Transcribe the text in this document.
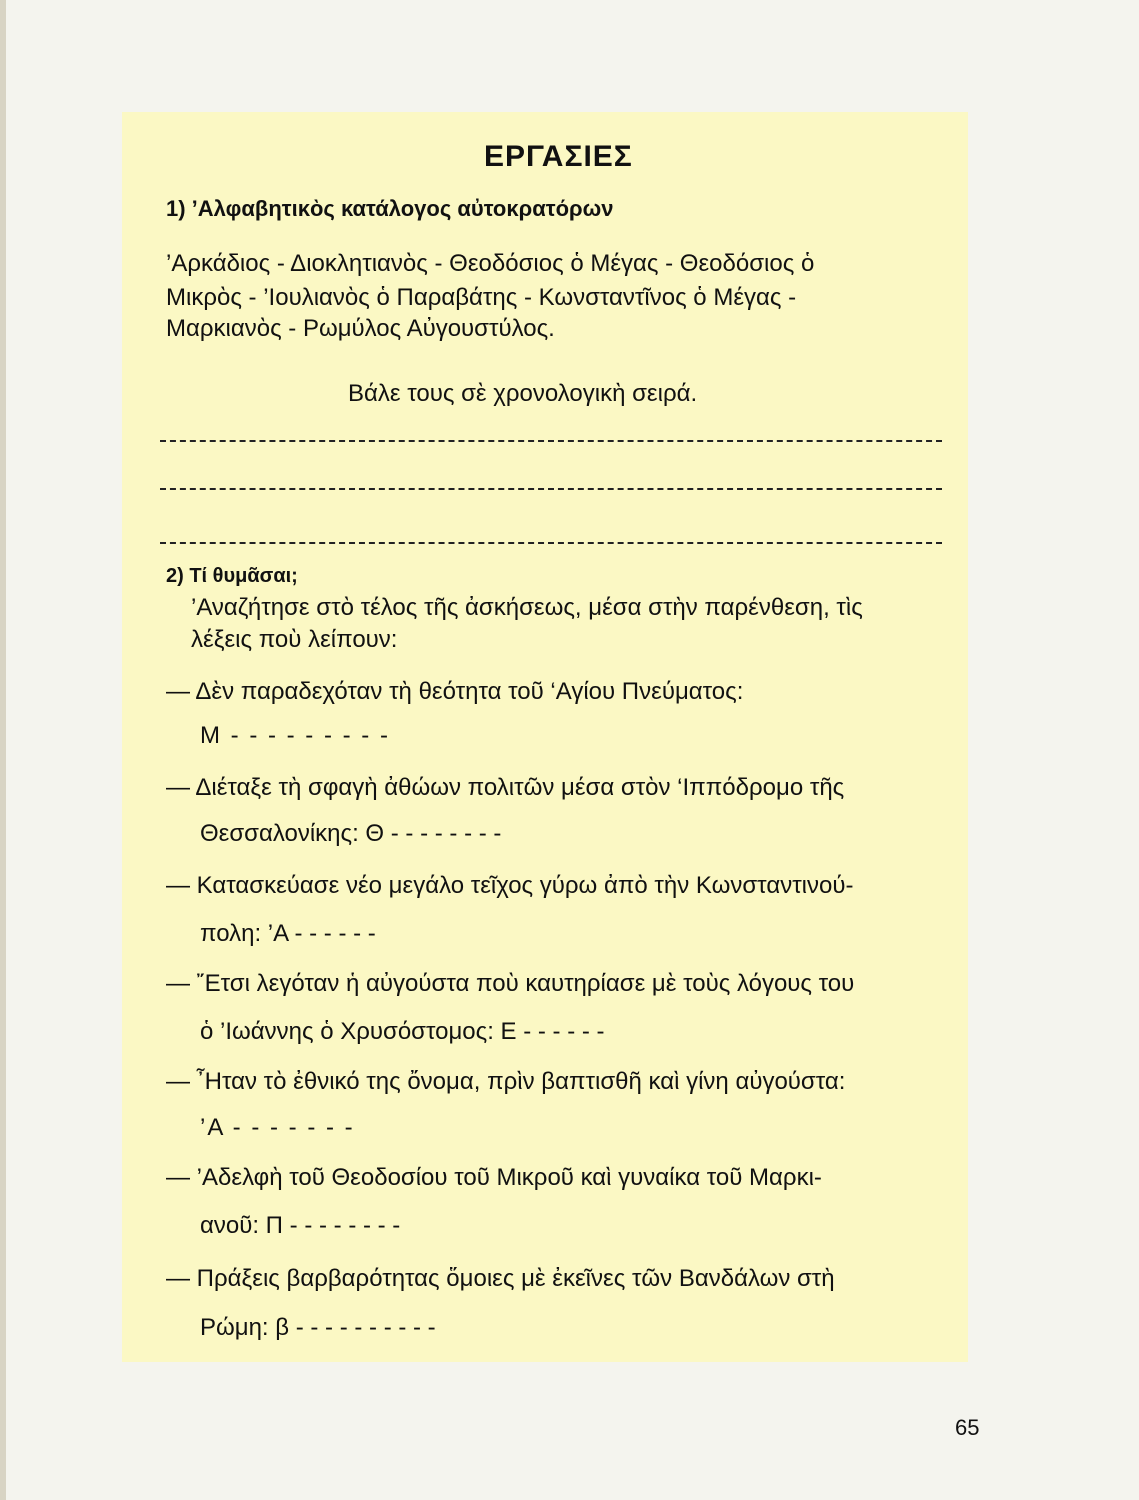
ΕΡΓΑΣΙΕΣ
1) ’Αλφαβητικὸς κατάλογος αὐτοκρατόρων
’Αρκάδιος - Διοκλητιανὸς - Θεοδόσιος ὁ Μέγας - Θεοδόσιος ὁ
Μικρὸς - ’Ιουλιανὸς ὁ Παραβάτης - Κωνσταντῖνος ὁ Μέγας -
Μαρκιανὸς - Ρωμύλος Αὐγουστύλος.
Βάλε τους σὲ χρονολογικὴ σειρά.
2) Τί θυμᾶσαι;
’Αναζήτησε στὸ τέλος τῆς ἀσκήσεως, μέσα στὴν παρένθεση, τὶς
λέξεις ποὺ λείπουν:
— Δὲν παραδεχόταν τὴ θεότητα τοῦ ‘Αγίου Πνεύματος:
Μ - - - - - - - - -
— Διέταξε τὴ σφαγὴ ἀθώων πολιτῶν μέσα στὸν ‘Ιππόδρομο τῆς
Θεσσαλονίκης: Θ - - - - - - - -
— Κατασκεύασε νέο μεγάλο τεῖχος γύρω ἀπὸ τὴν Κωνσταντινού-
πολη: ’Α - - - - - -
— ῎Ετσι λεγόταν ἡ αὐγούστα ποὺ καυτηρίασε μὲ τοὺς λόγους του
ὁ ’Ιωάννης ὁ Χρυσόστομος: Ε - - - - - -
— ῏Ηταν τὸ ἐθνικό της ὄνομα, πρὶν βαπτισθῆ καὶ γίνη αὐγούστα:
’Α - - - - - - -
— ’Αδελφὴ τοῦ Θεοδοσίου τοῦ Μικροῦ καὶ γυναίκα τοῦ Μαρκι-
ανοῦ: Π - - - - - - - -
— Πράξεις βαρβαρότητας ὅμοιες μὲ ἐκεῖνες τῶν Βανδάλων στὴ
Ρώμη: β - - - - - - - - - -
65
